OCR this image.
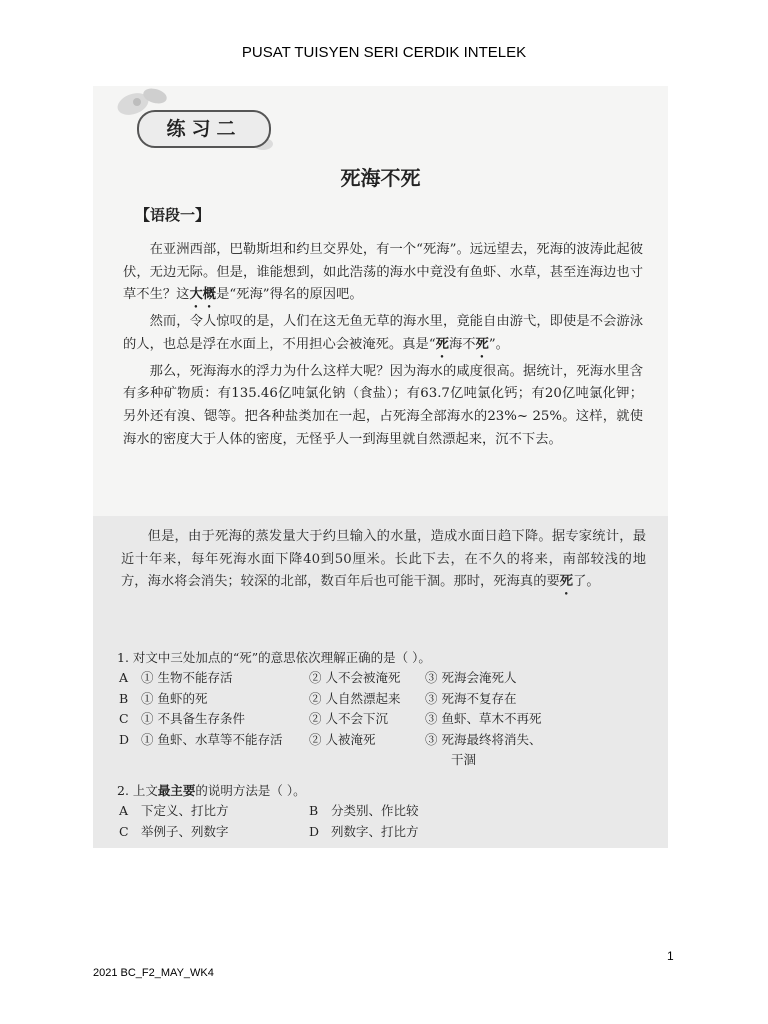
PUSAT TUISYEN SERI CERDIK INTELEK
练习二
死海不死
【语段一】

在亚洲西部，巴勒斯坦和约旦交界处，有一个“死海”。远远望去，死海的波涛此起彼伏，无边无际。但是，谁能想到，如此浩荡的海水中竟没有鱼虾、水草，甚至连海边也寸草不生？这大概是“死海”得名的原因吧。

然而，令人惊叹的是，人们在这无鱼无草的海水里，竟能自由游弋，即使是不会游泳的人，也总是浮在水面上，不用担心会被淹死。真是“死海不死”。

那么，死海海水的浮力为什么这样大呢？因为海水的咸度很高。据统计，死海水里含有多种矿物质：有135.46亿吨氯化钠（食盐）；有63.7亿吨氯化钙；有20亿吨氯化钾；另外还有溴、锶等。把各种盐类加在一起，占死海全部海水的23%~ 25%。这样，就使海水的密度大于人体的密度，无怪乎人一到海里就自然漂起来，沉不下去。

但是，由于死海的蒸发量大于约旦输入的水量，造成水面日趋下降。据专家统计，最近十年来，每年死海水面下降40到50厘米。长此下去，在不久的将来，南部较浅的地方，海水将会消失；较深的北部，数百年后也可能干涸。那时，死海真的要死了。

1. 对文中三处加点的“死”的意思依次理解正确的是（ ）。
A	① 生物不能存活	② 人不会被淹死	③ 死海会淹死人
B	① 鱼虾的死	② 人自然漂起来	③ 死海不复存在
C ① 不具备生存条件	② 人不会下沉	③ 鱼虾、草木不再死
D ① 鱼虾、水草等不能存活	② 人被淹死	③ 死海最终将消失、
干涸
2. 上文最主要的说明方法是（ ）。
A	下定义、打比方	B	分类别、作比较
C 举例子、列数字	D 列数字、打比方
1
2021 BC_F2_MAY_WK4
